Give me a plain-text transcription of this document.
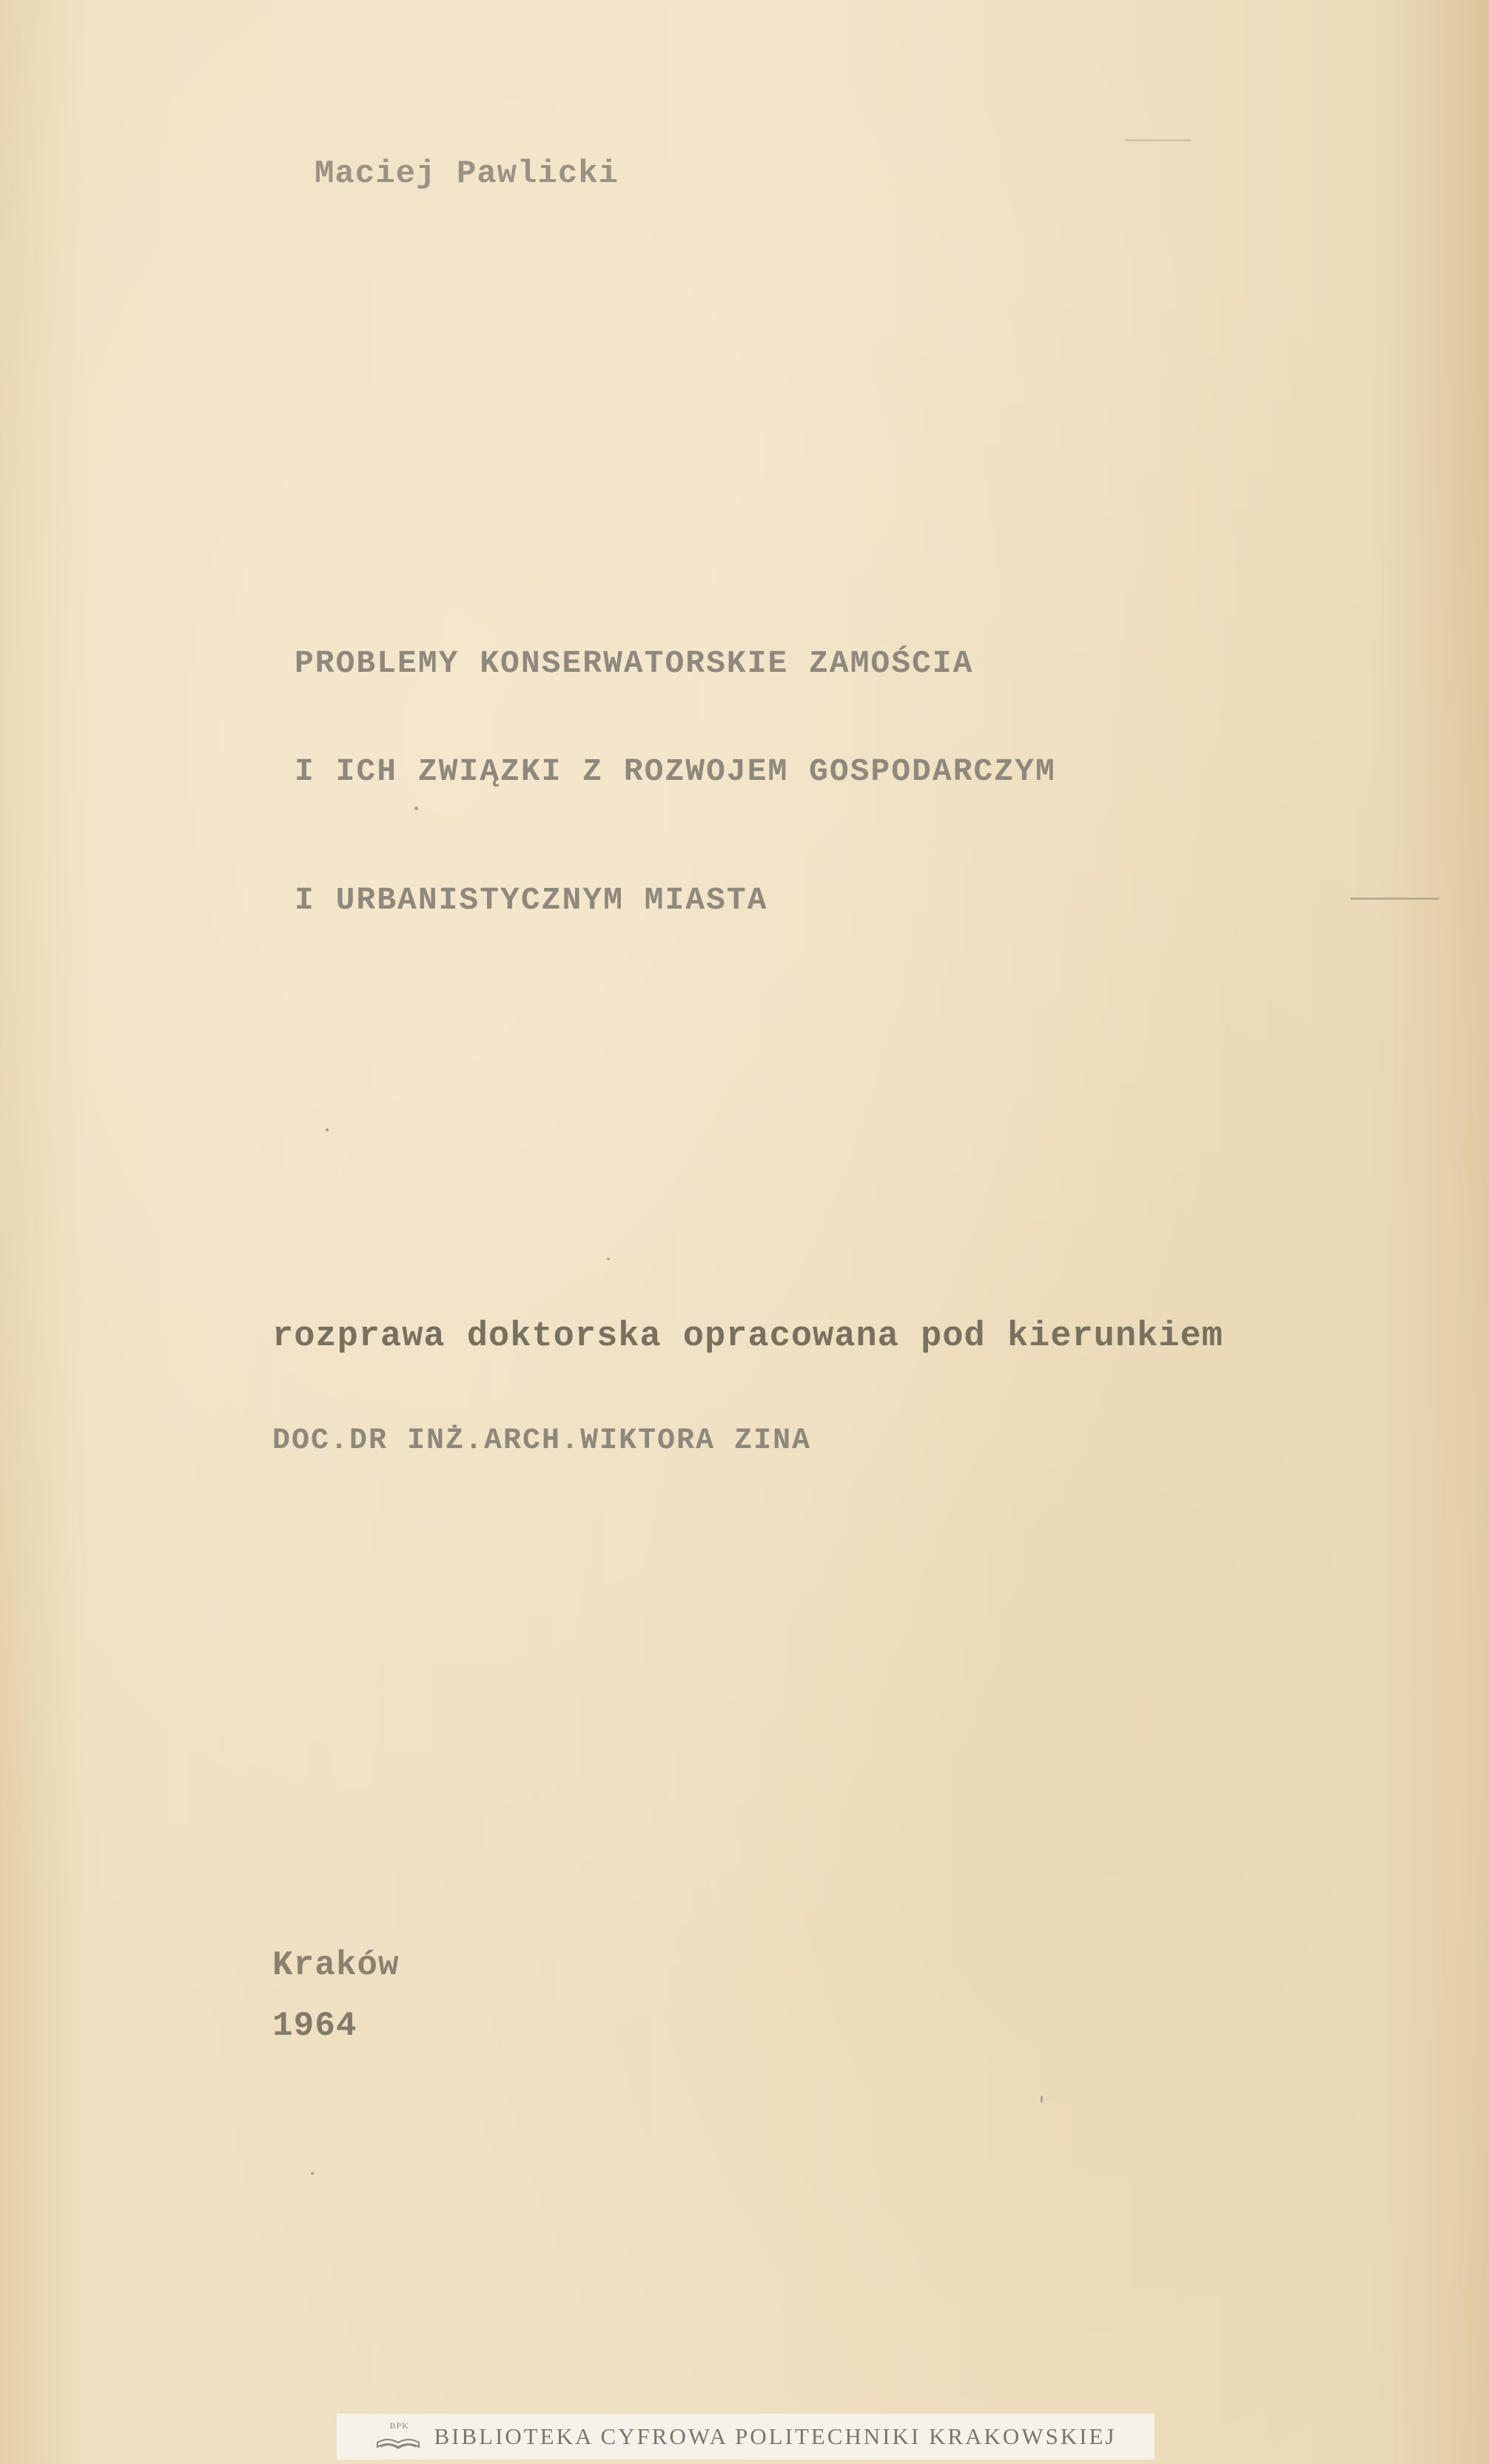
Maciej Pawlicki

PROBLEMY KONSERWATORSKIE ZAMOŚCIA

I ICH ZWIĄZKI Z ROZWOJEM GOSPODARCZYM

I URBANISTYCZNYM MIASTA

rozprawa doktorska opracowana pod kierunkiem

DOC.DR INŻ.ARCH.WIKTORA ZINA

Kraków

1964

BPK BIBLIOTEKA CYFROWA POLITECHNIKI KRAKOWSKIEJ
